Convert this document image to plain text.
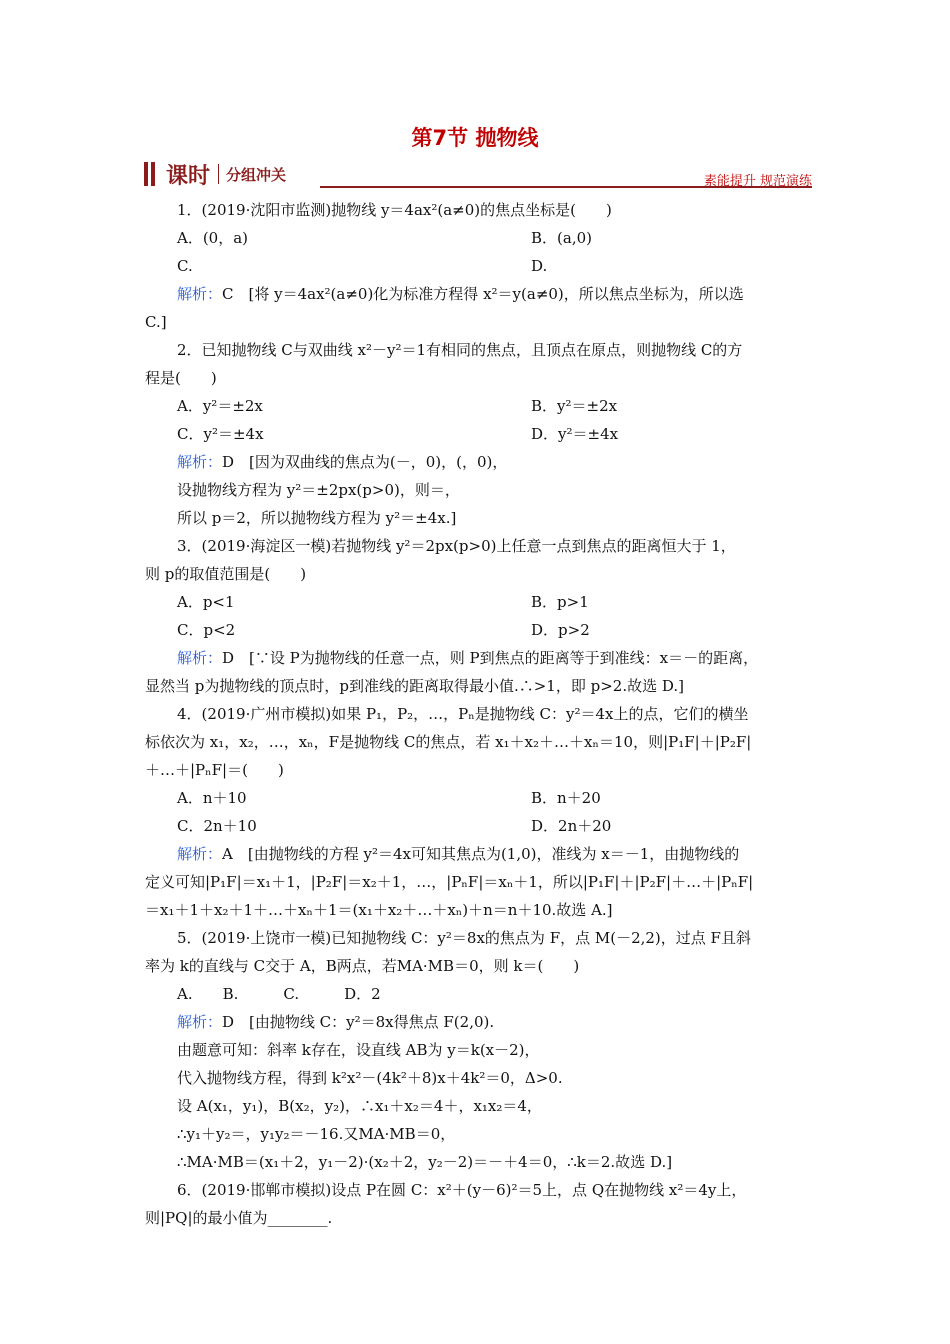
第7节 抛物线
课时 分组冲关	素能提升 规范演练
1．(2019·沈阳市监测)抛物线 y＝4ax²(a≠0)的焦点坐标是(　　)
A．(0，a)	B．(a,0)
C.	D.
解析：C　[将 y＝4ax²(a≠0)化为标准方程得 x²＝y(a≠0)，所以焦点坐标为，所以选
C.]
2．已知抛物线 C与双曲线 x²－y²＝1有相同的焦点，且顶点在原点，则抛物线 C的方
程是(　　)
A．y²＝±2x	B．y²＝±2x
C．y²＝±4x	D．y²＝±4x
解析：D　[因为双曲线的焦点为(－，0)，(，0)，
设抛物线方程为 y²＝±2px(p>0)，则＝，
所以 p＝2，所以抛物线方程为 y²＝±4x.]
3．(2019·海淀区一模)若抛物线 y²＝2px(p>0)上任意一点到焦点的距离恒大于 1，
则 p的取值范围是(　　)
A．p<1	B．p>1
C．p<2	D．p>2
解析：D　[∵设 P为抛物线的任意一点，则 P到焦点的距离等于到准线：x＝－的距离，
显然当 p为抛物线的顶点时，p到准线的距离取得最小值.∴>1，即 p>2.故选 D.]
4．(2019·广州市模拟)如果 P₁，P₂，…，Pₙ是抛物线 C：y²＝4x上的点，它们的横坐
标依次为 x₁，x₂，…，xₙ，F是抛物线 C的焦点，若 x₁＋x₂＋…＋xₙ＝10，则|P₁F|＋|P₂F|
＋…＋|PₙF|＝(　　)
A．n＋10	B．n＋20
C．2n＋10	D．2n＋20
解析：A　[由抛物线的方程 y²＝4x可知其焦点为(1,0)，准线为 x＝－1，由抛物线的
定义可知|P₁F|＝x₁＋1，|P₂F|＝x₂＋1，…，|PₙF|＝xₙ＋1，所以|P₁F|＋|P₂F|＋…＋|PₙF|
＝x₁＋1＋x₂＋1＋…＋xₙ＋1＝(x₁＋x₂＋…＋xₙ)＋n＝n＋10.故选 A.]
5．(2019·上饶市一模)已知抛物线 C：y²＝8x的焦点为 F，点 M(－2,2)，过点 F且斜
率为 k的直线与 C交于 A，B两点，若MA·MB＝0，则 k＝(　　)
A.　　B.　　　C.　　　D．2
解析：D　[由抛物线 C：y²＝8x得焦点 F(2,0).
由题意可知：斜率 k存在，设直线 AB为 y＝k(x－2)，
代入抛物线方程，得到 k²x²－(4k²＋8)x＋4k²＝0，Δ>0.
设 A(x₁，y₁)，B(x₂，y₂)，∴x₁＋x₂＝4＋，x₁x₂＝4，
∴y₁＋y₂＝，y₁y₂＝－16.又MA·MB＝0，
∴MA·MB＝(x₁＋2，y₁－2)·(x₂＋2，y₂－2)＝－＋4＝0，∴k＝2.故选 D.]
6．(2019·邯郸市模拟)设点 P在圆 C：x²＋(y－6)²＝5上，点 Q在抛物线 x²＝4y上，
则|PQ|的最小值为________.
